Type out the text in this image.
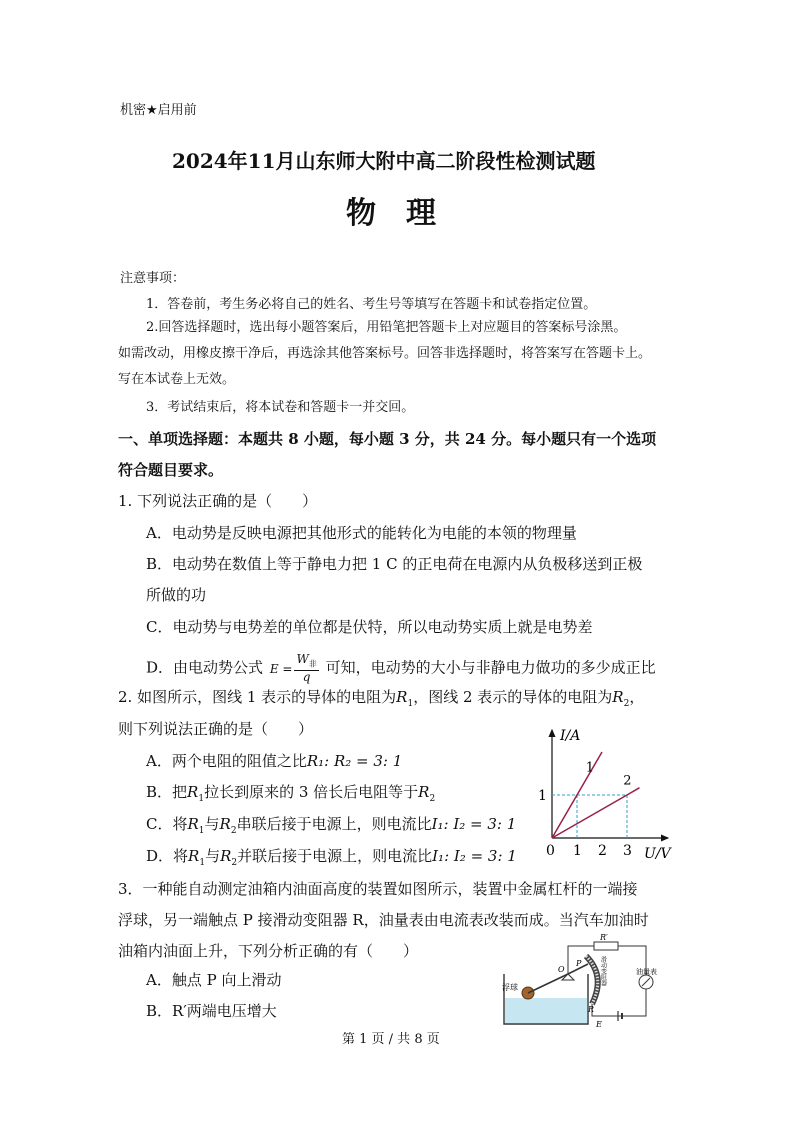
机密★启用前
2024年11月山东师大附中高二阶段性检测试题
物　理
注意事项：
1．答卷前，考生务必将自己的姓名、考生号等填写在答题卡和试卷指定位置。
2.回答选择题时，选出每小题答案后，用铅笔把答题卡上对应题目的答案标号涂黑。
如需改动，用橡皮擦干净后，再选涂其他答案标号。回答非选择题时，将答案写在答题卡上。
写在本试卷上无效。
3．考试结束后，将本试卷和答题卡一并交回。
一、单项选择题：本题共 8 小题，每小题 3 分，共 24 分。每小题只有一个选项
符合题目要求。
1. 下列说法正确的是（　　）
A．电动势是反映电源把其他形式的能转化为电能的本领的物理量
B．电动势在数值上等于静电力把 1 C 的正电荷在电源内从负极移送到正极
所做的功
C．电动势与电势差的单位都是伏特，所以电动势实质上就是电势差
D．由电动势公式 E =
$W_非$
q
可知，电动势的大小与非静电力做功的多少成正比
2. 如图所示，图线 1 表示的导体的电阻为$R_1$，图线 2 表示的导体的电阻为$R_2$，
则下列说法正确的是（　　）
A．两个电阻的阻值之比R₁: R₂ = 3: 1
B．把$R_1$拉长到原来的 3 倍长后电阻等于$R_2$
C．将$R_1$与$R_2$串联后接于电源上，则电流比I₁: I₂ = 3: 1
D．将$R_1$与$R_2$并联后接于电源上，则电流比I₁: I₂ = 3: 1
1
2
0 1 2 3
1
I/A
U/V
3．一种能自动测定油箱内油面高度的装置如图所示，装置中金属杠杆的一端接
浮球，另一端触点 P 接滑动变阻器 R，油量表由电流表改装而成。当汽车加油时
油箱内油面上升，下列分析正确的有（　　）
A．触点 P 向上滑动
B．R′两端电压增大
R′
浮球
O
P	滑动变阻器
R
油量表
E
第 1 页 / 共 8 页
